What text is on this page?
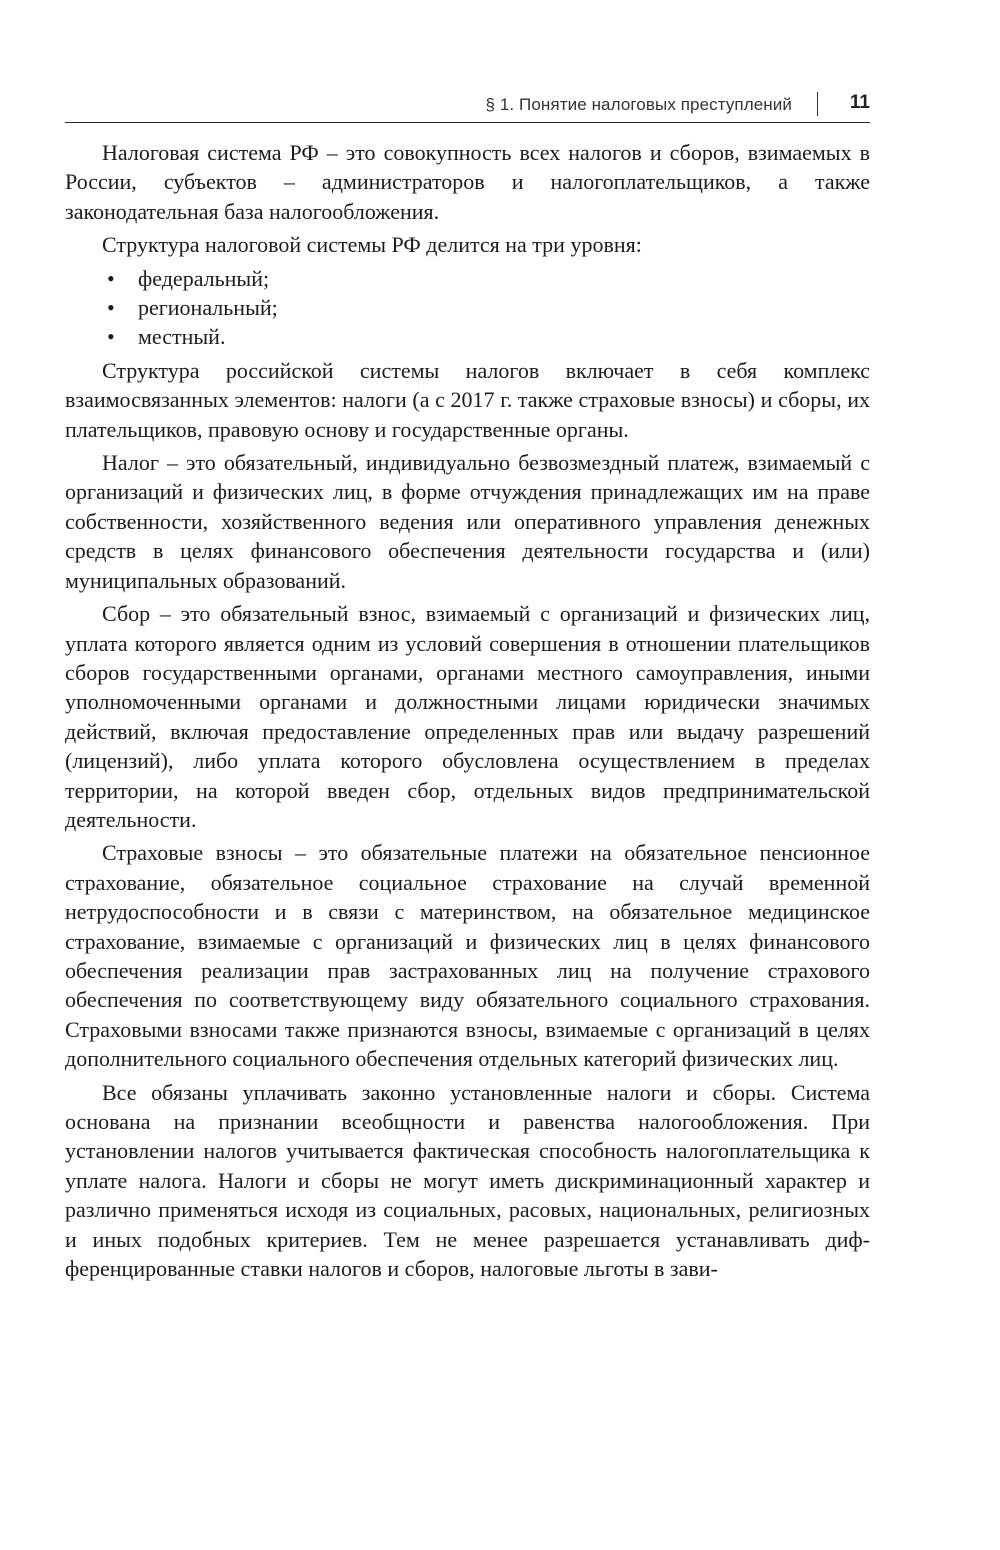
§ 1. Понятие налоговых преступлений	11

Налоговая система РФ – это совокупность всех налогов и сборов, взимаемых в России, субъектов – администраторов и налогоплательщиков, а также законодательная база налогообложения.

Структура налоговой системы РФ делится на три уровня:

• федеральный;
• региональный;
• местный.

Структура российской системы налогов включает в себя комплекс взаимосвязанных элементов: налоги (а с 2017 г. также страховые взносы) и сборы, их плательщиков, правовую основу и государственные органы.

Налог – это обязательный, индивидуально безвозмездный платеж, взимаемый с организаций и физических лиц, в форме отчуждения принадлежащих им на праве собственности, хозяйственного ведения или оперативного управления денежных средств в целях финансового обеспечения деятельности государства и (или) муниципальных образований.

Сбор – это обязательный взнос, взимаемый с организаций и физических лиц, уплата которого является одним из условий совершения в отношении плательщиков сборов государственными органами, органами местного самоуправления, иными уполномоченными органами и должностными лицами юридически значимых действий, включая предоставление определенных прав или выдачу разрешений (лицензий), либо уплата которого обусловлена осуществлением в пределах территории, на которой введен сбор, отдельных видов предпринимательской деятельности.

Страховые взносы – это обязательные платежи на обязательное пенсионное страхование, обязательное социальное страхование на случай временной нетрудоспособности и в связи с материнством, на обязательное медицинское страхование, взимаемые с организаций и физических лиц в целях финансового обеспечения реализации прав застрахованных лиц на получение страхового обеспечения по соответствующему виду обязательного социального страхования. Страховыми взносами также признаются взносы, взимаемые с организаций в целях дополнительного социального обеспечения отдельных категорий физических лиц.

Все обязаны уплачивать законно установленные налоги и сборы. Система основана на признании всеобщности и равенства налогообложения. При установлении налогов учитывается фактическая способность налогоплательщика к уплате налога. Налоги и сборы не могут иметь дискриминационный характер и различно применяться исходя из социальных, расовых, национальных, религиозных и иных подобных критериев. Тем не менее разрешается устанавливать дифференцированные ставки налогов и сборов, налоговые льготы в зави-
